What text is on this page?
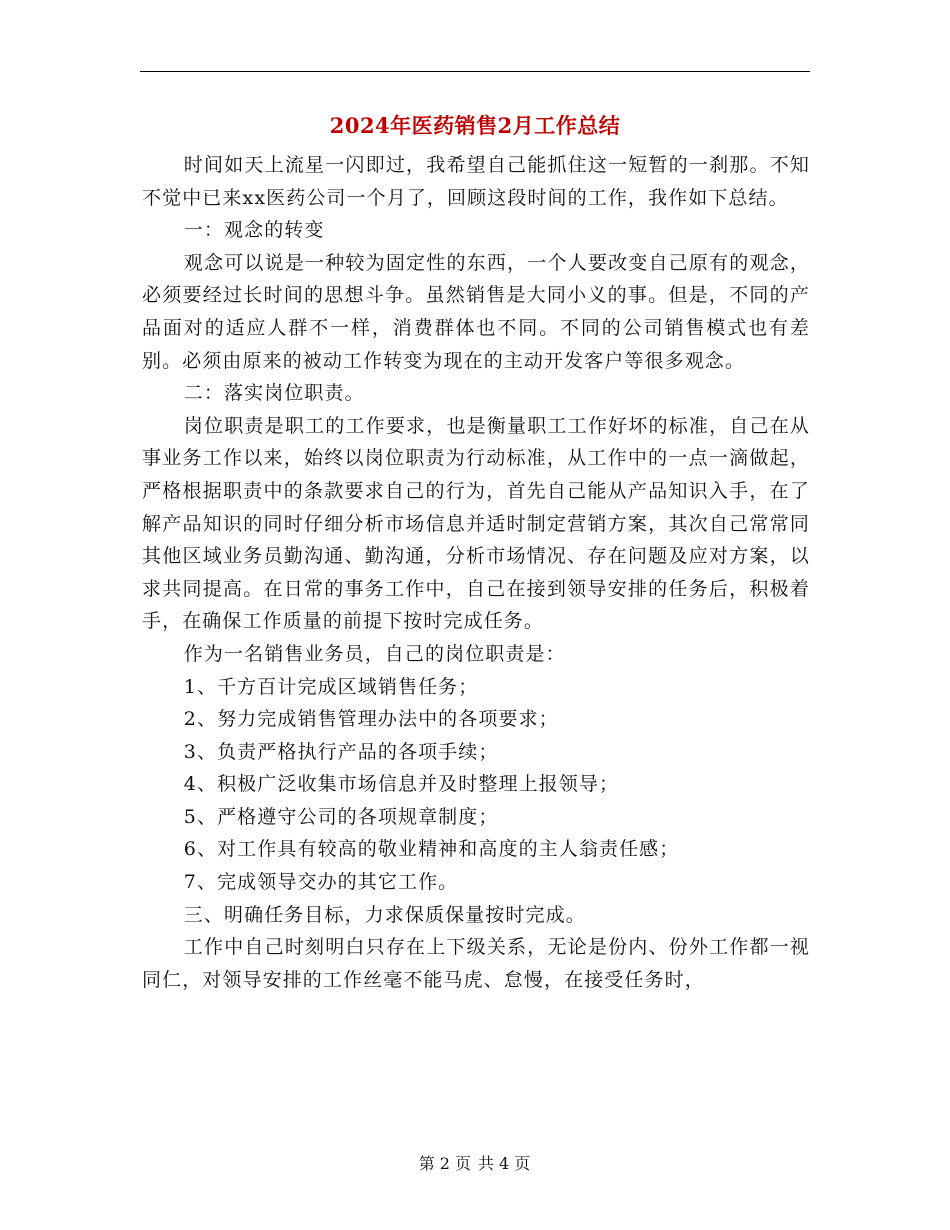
2024年医药销售2月工作总结

时间如天上流星一闪即过，我希望自己能抓住这一短暂的一刹那。不知不觉中已来xx医药公司一个月了，回顾这段时间的工作，我作如下总结。

一：观念的转变

观念可以说是一种较为固定性的东西，一个人要改变自己原有的观念，必须要经过长时间的思想斗争。虽然销售是大同小义的事。但是，不同的产品面对的适应人群不一样，消费群体也不同。不同的公司销售模式也有差别。必须由原来的被动工作转变为现在的主动开发客户等很多观念。

二：落实岗位职责。

岗位职责是职工的工作要求，也是衡量职工工作好坏的标准，自己在从事业务工作以来，始终以岗位职责为行动标准，从工作中的一点一滴做起，严格根据职责中的条款要求自己的行为，首先自己能从产品知识入手，在了解产品知识的同时仔细分析市场信息并适时制定营销方案，其次自己常常同其他区域业务员勤沟通、勤沟通，分析市场情况、存在问题及应对方案，以求共同提高。在日常的事务工作中，自己在接到领导安排的任务后，积极着手，在确保工作质量的前提下按时完成任务。

作为一名销售业务员，自己的岗位职责是：

1、千方百计完成区域销售任务；

2、努力完成销售管理办法中的各项要求；

3、负责严格执行产品的各项手续；

4、积极广泛收集市场信息并及时整理上报领导；

5、严格遵守公司的各项规章制度；

6、对工作具有较高的敬业精神和高度的主人翁责任感；

7、完成领导交办的其它工作。

三、明确任务目标，力求保质保量按时完成。

工作中自己时刻明白只存在上下级关系，无论是份内、份外工作都一视同仁，对领导安排的工作丝毫不能马虎、怠慢，在接受任务时，

第 2 页 共 4 页
